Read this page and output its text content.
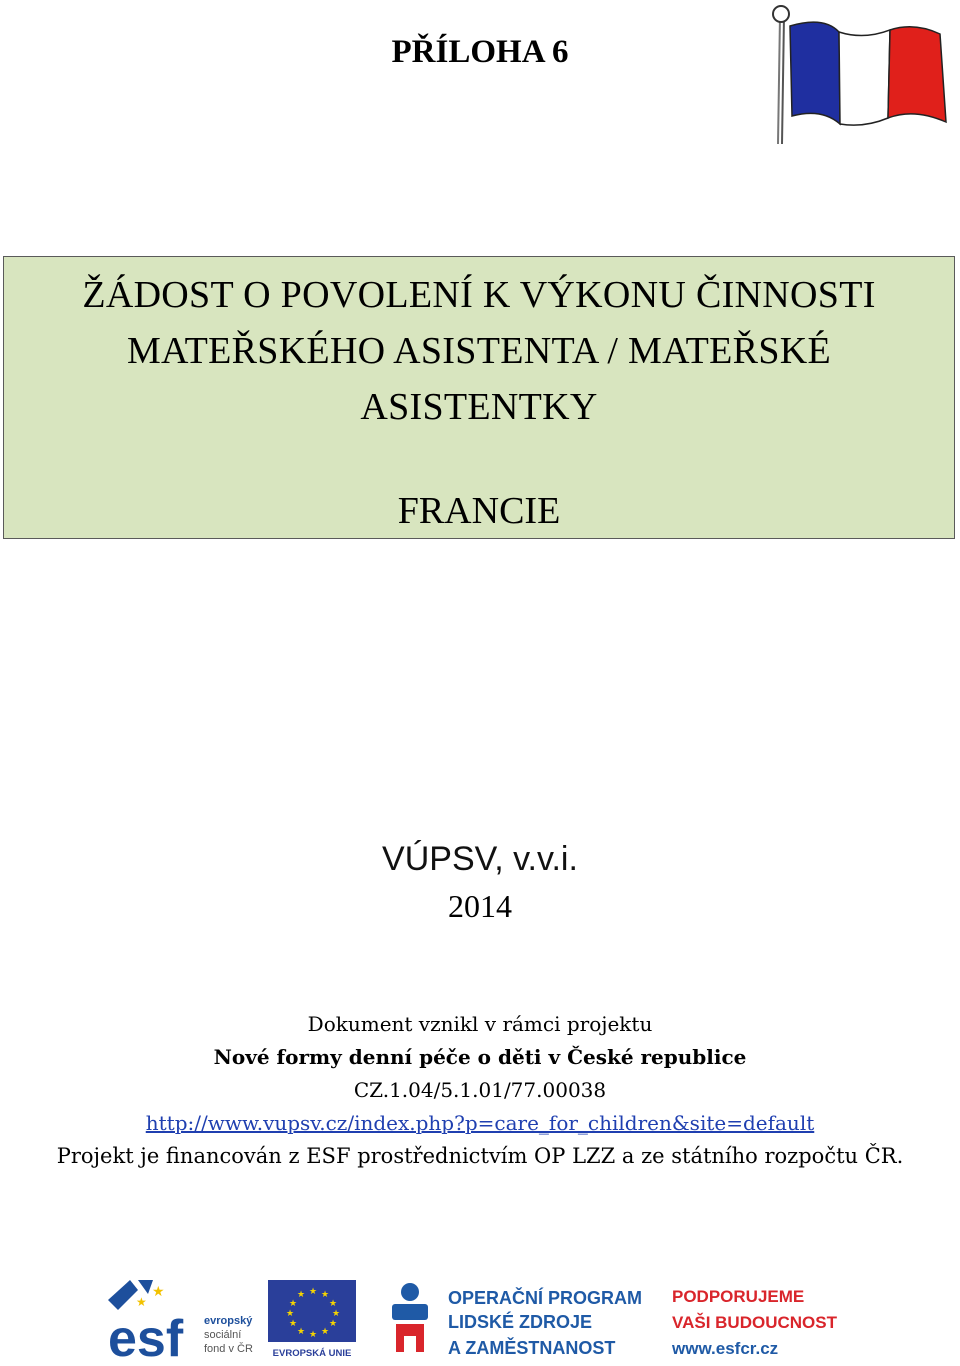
PŘÍLOHA 6
ŽÁDOST O POVOLENÍ K VÝKONU ČINNOSTI
MATEŘSKÉHO ASISTENTA / MATEŘSKÉ
ASISTENTKY
FRANCIE
VÚPSV, v.v.i.
2014
Dokument vznikl v rámci projektu
Nové formy denní péče o děti v České republice
CZ.1.04/5.1.01/77.00038
http://www.vupsv.cz/index.php?p=care_for_children&site=default
Projekt je financován z ESF prostřednictvím OP LZZ a ze státního rozpočtu ČR.
★
★
esf evropský
sociální
fond v ČR
★ ★
★
★
★
★
★
★
★
★
★
★
EVROPSKÁ UNIE
OPERAČNÍ PROGRAM
LIDSKÉ ZDROJE
A ZAMĚSTNANOST
PODPORUJEME
VAŠI BUDOUCNOST
www.esfcr.cz
